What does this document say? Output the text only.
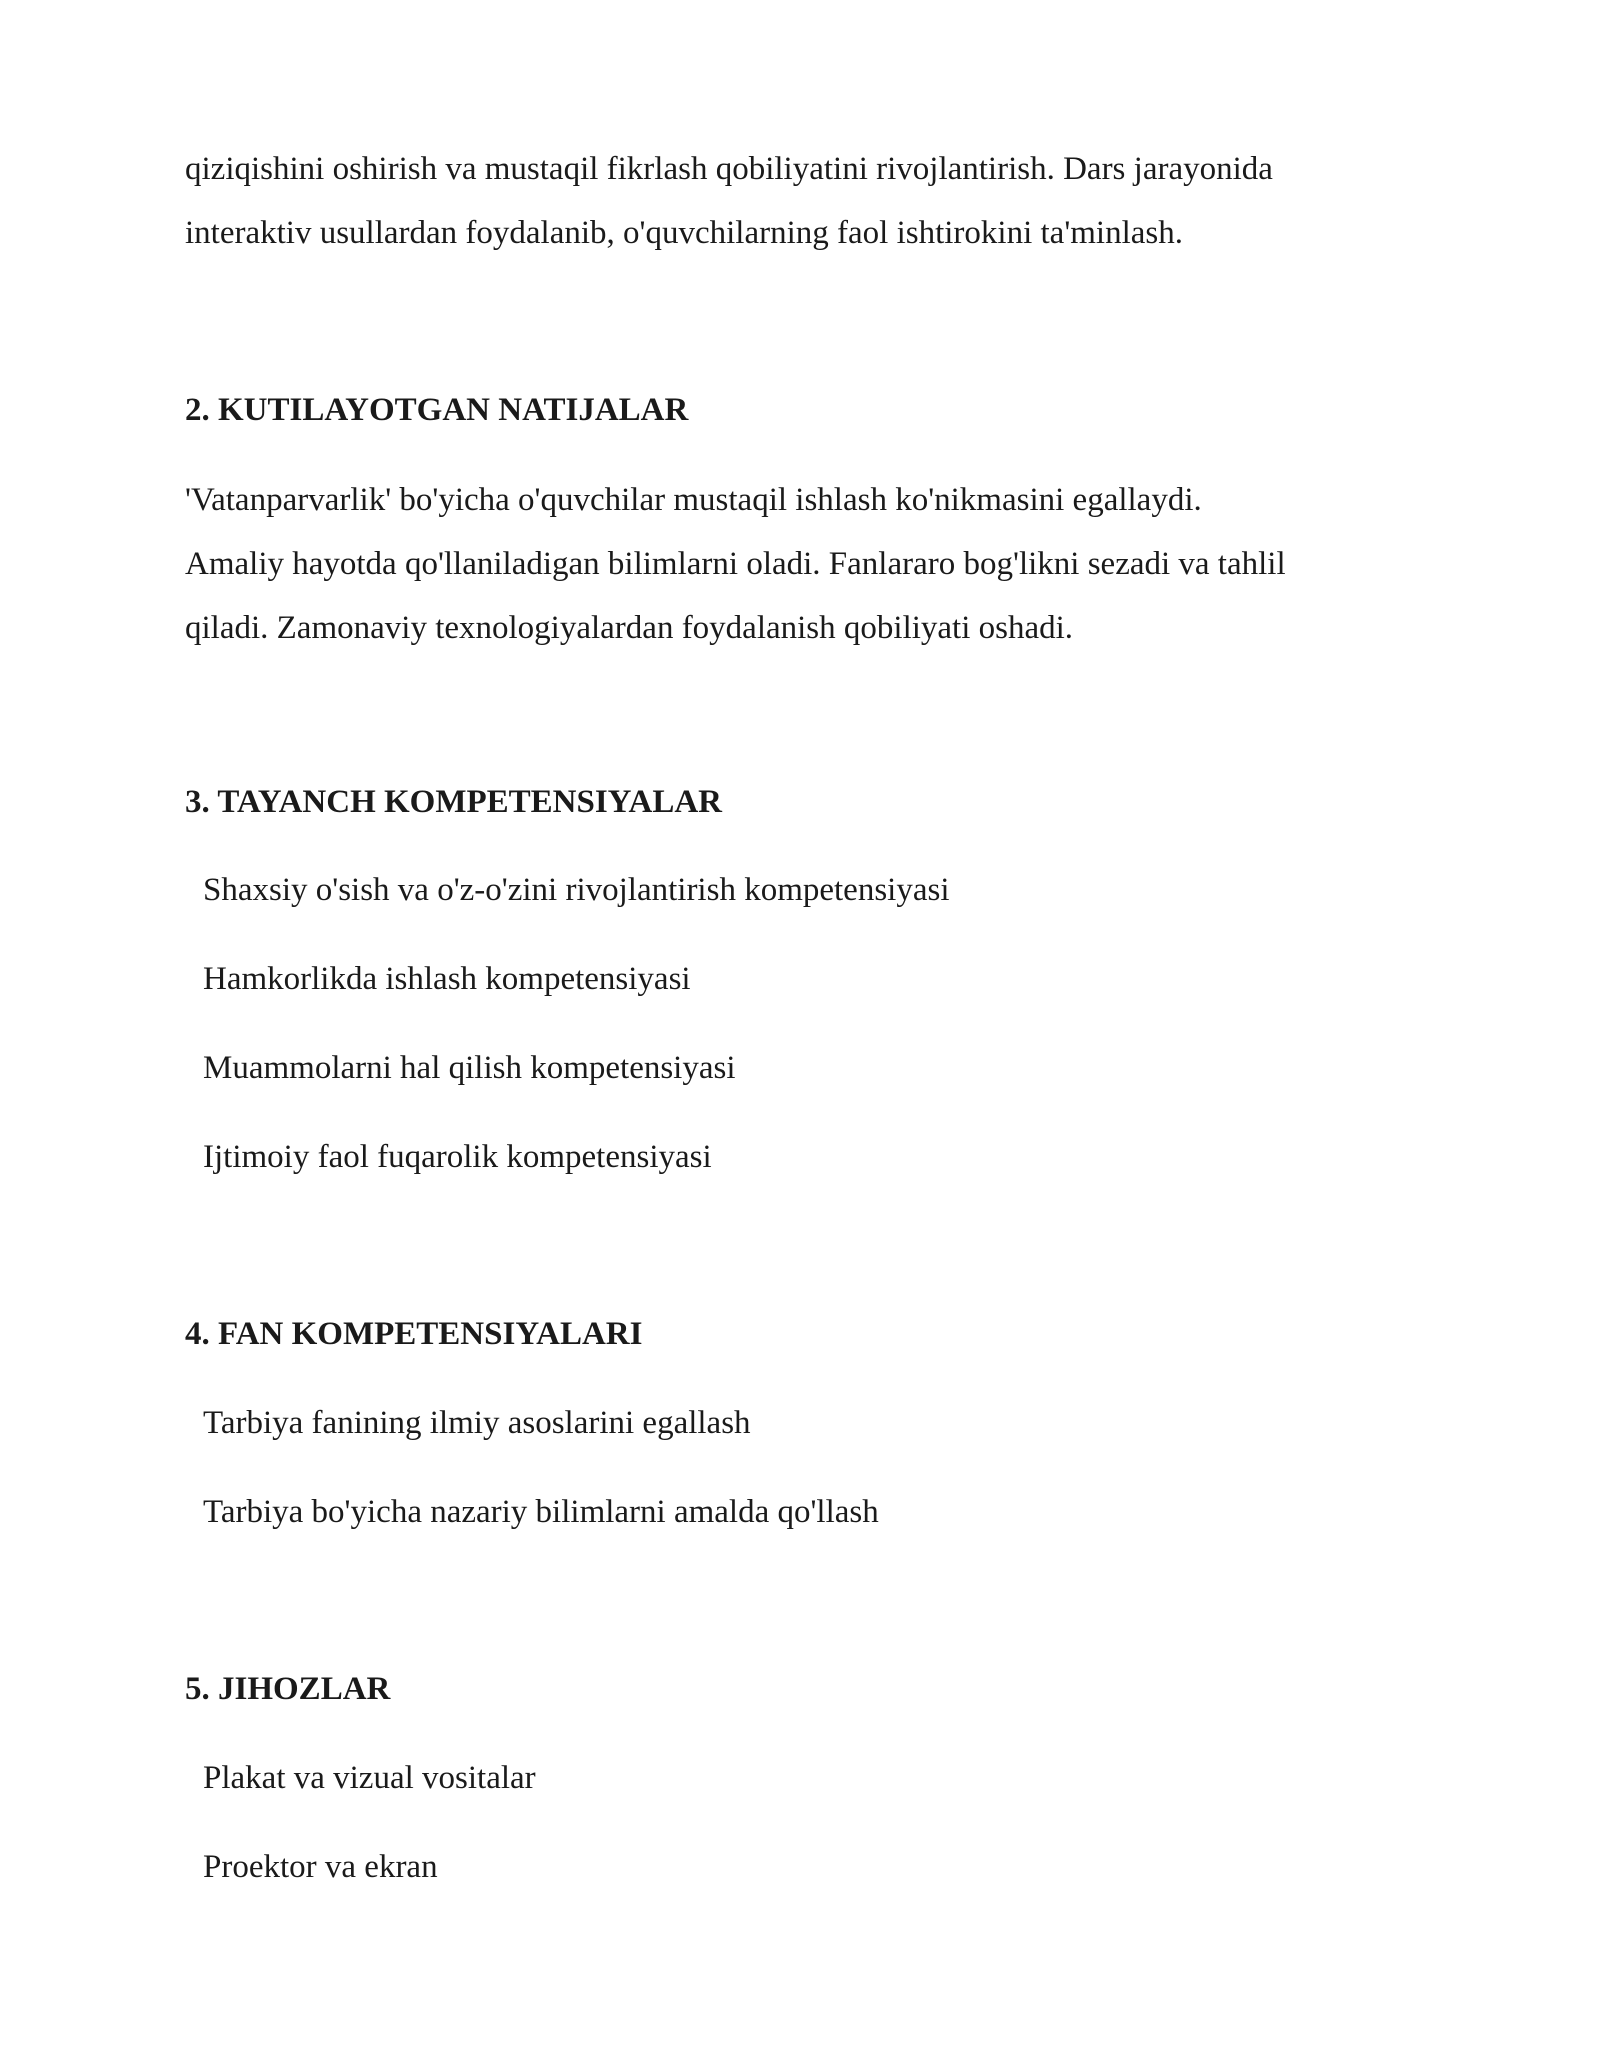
qiziqishini oshirish va mustaqil fikrlash qobiliyatini rivojlantirish. Dars jarayonida
interaktiv usullardan foydalanib, o'quvchilarning faol ishtirokini ta'minlash.
2. KUTILAYOTGAN NATIJALAR
'Vatanparvarlik' bo'yicha o'quvchilar mustaqil ishlash ko'nikmasini egallaydi.
Amaliy hayotda qo'llaniladigan bilimlarni oladi. Fanlararo bog'likni sezadi va tahlil
qiladi. Zamonaviy texnologiyalardan foydalanish qobiliyati oshadi.
3. TAYANCH KOMPETENSIYALAR
Shaxsiy o'sish va o'z-o'zini rivojlantirish kompetensiyasi
Hamkorlikda ishlash kompetensiyasi
Muammolarni hal qilish kompetensiyasi
Ijtimoiy faol fuqarolik kompetensiyasi
4. FAN KOMPETENSIYALARI
Tarbiya fanining ilmiy asoslarini egallash
Tarbiya bo'yicha nazariy bilimlarni amalda qo'llash
5. JIHOZLAR
Plakat va vizual vositalar
Proektor va ekran
